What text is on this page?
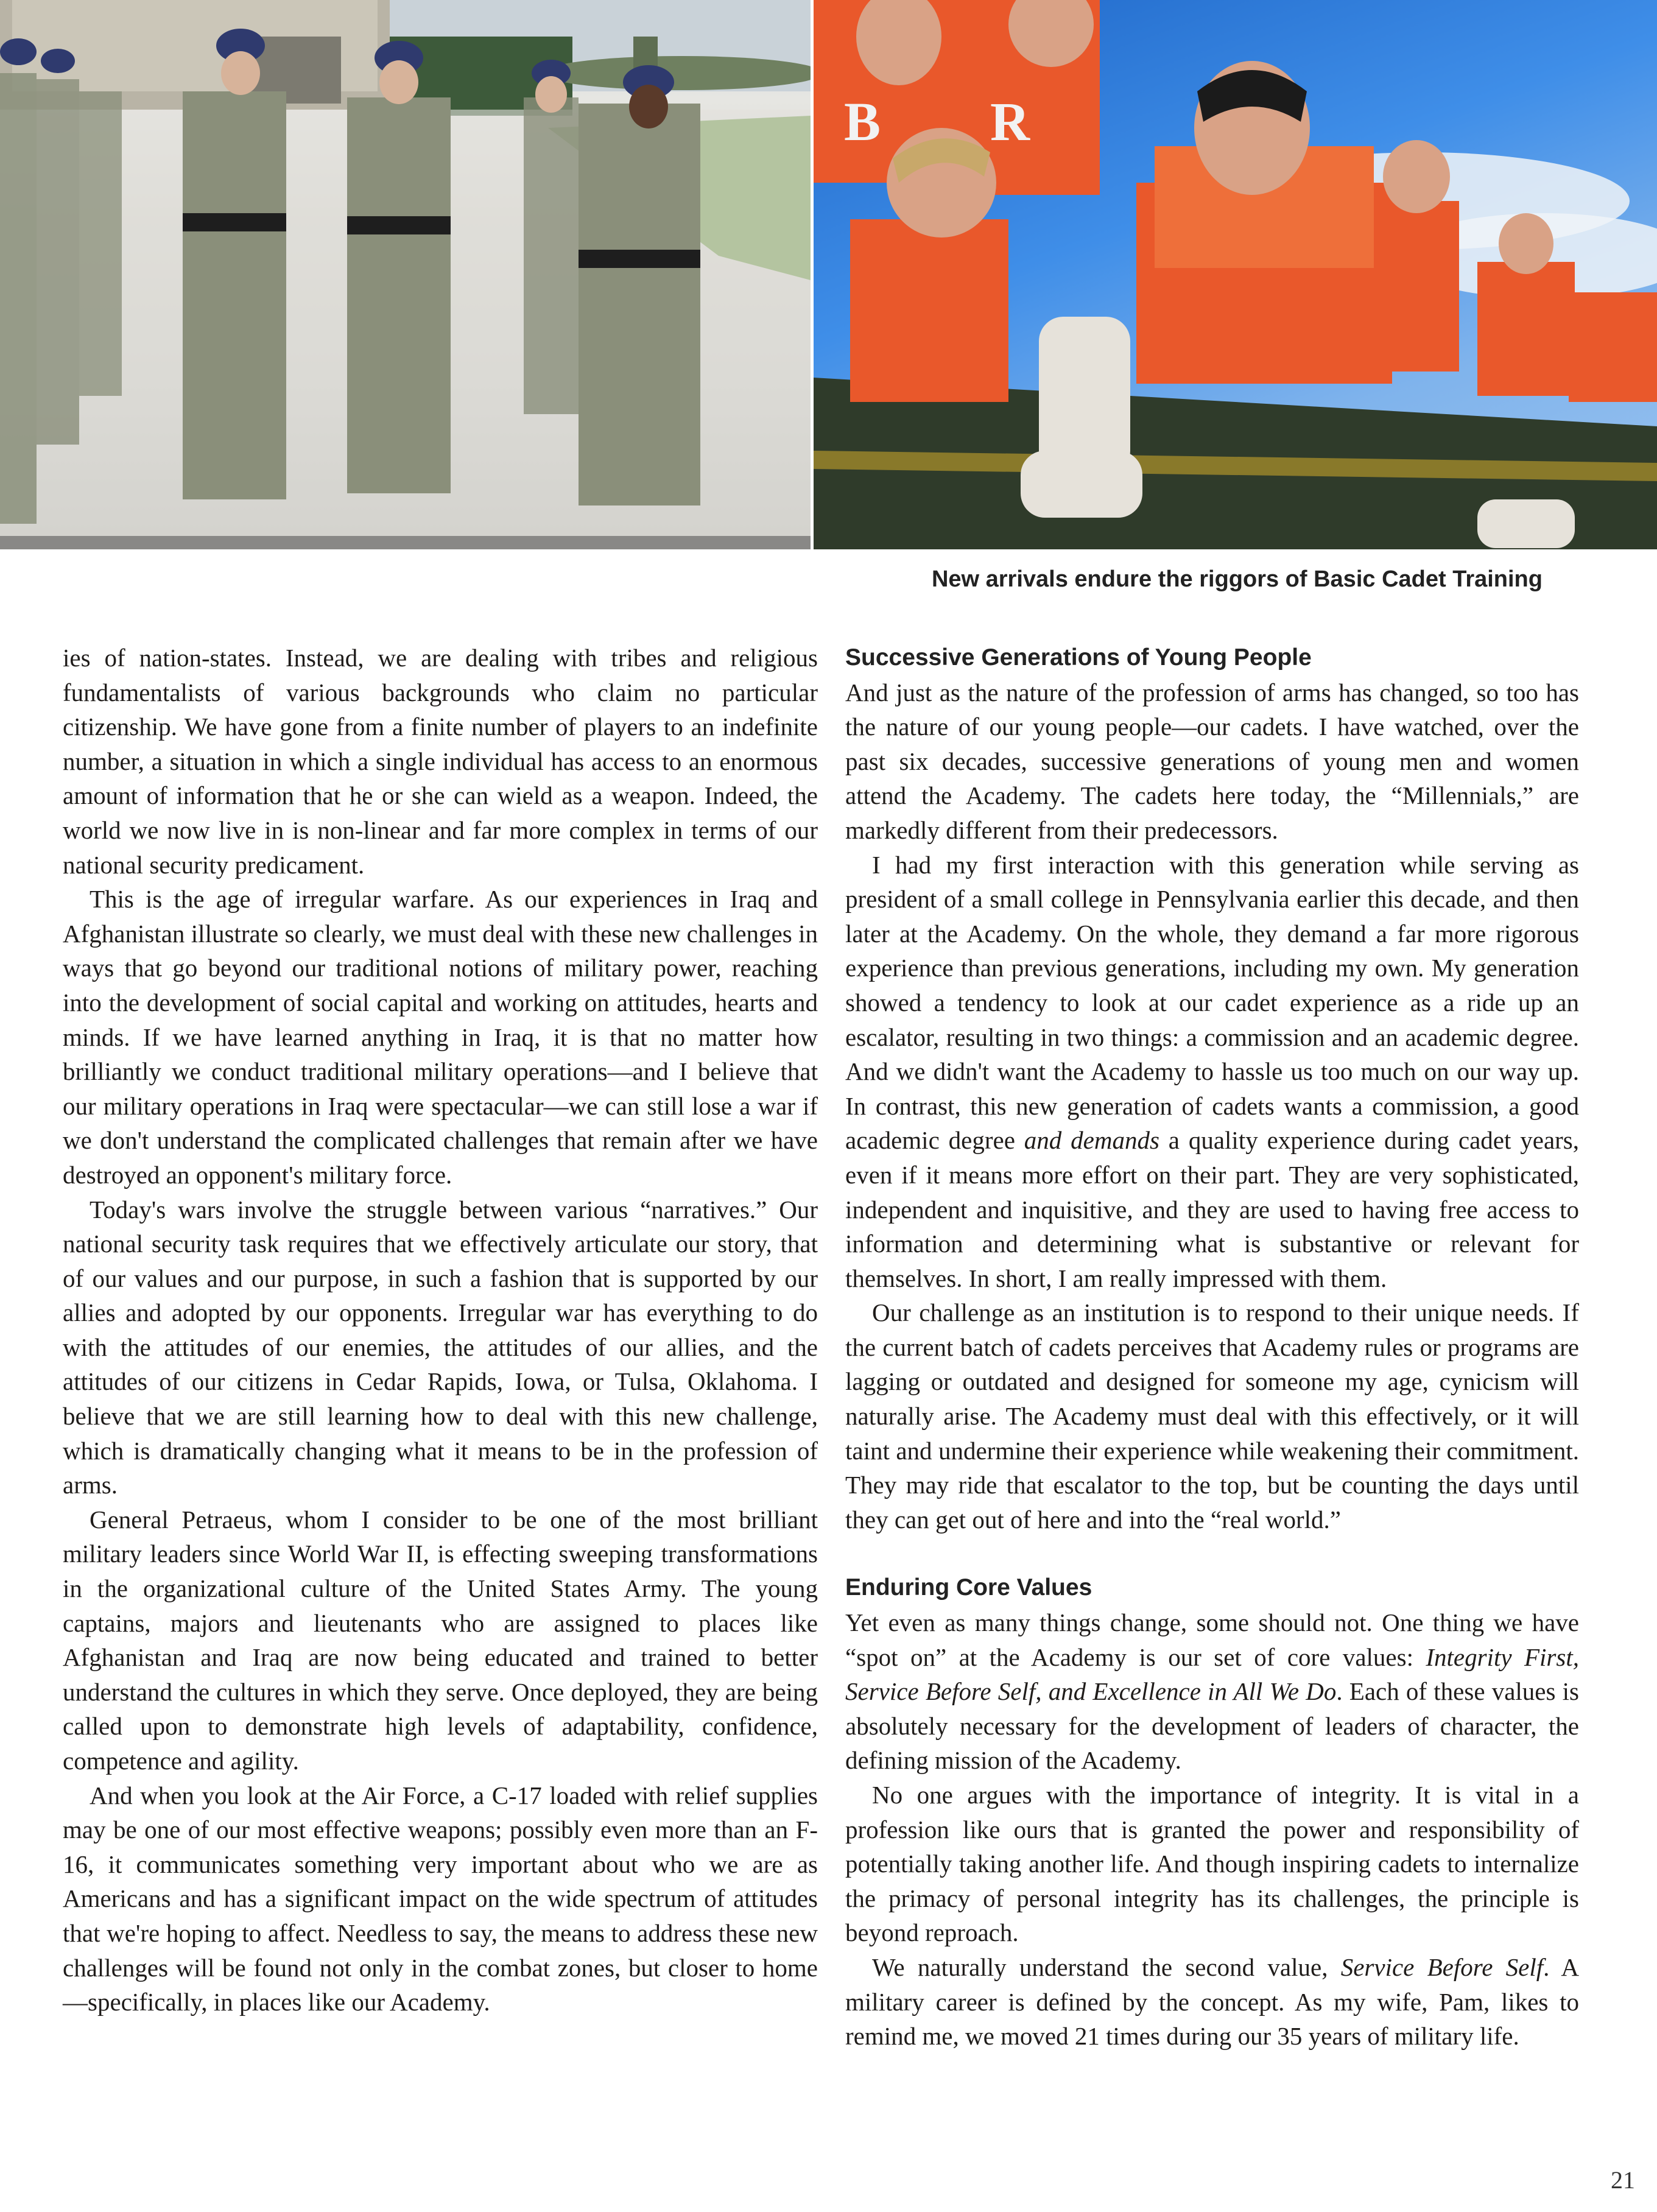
B R
New arrivals endure the riggors of Basic Cadet Training

ies of nation-states. Instead, we are dealing with tribes and religious fundamentalists of various backgrounds who claim no particular citizenship. We have gone from a finite number of players to an indefinite number, a situation in which a single individual has access to an enormous amount of information that he or she can wield as a weapon. Indeed, the world we now live in is non-linear and far more complex in terms of our national security predicament.

This is the age of irregular warfare. As our experiences in Iraq and Afghanistan illustrate so clearly, we must deal with these new challenges in ways that go beyond our traditional notions of military power, reaching into the development of social capital and working on attitudes, hearts and minds. If we have learned anything in Iraq, it is that no matter how brilliantly we conduct traditional military operations—and I believe that our military operations in Iraq were spectacular—we can still lose a war if we don't understand the complicated challenges that remain after we have destroyed an opponent's military force.

Today's wars involve the struggle between various “narratives.” Our national security task requires that we effectively articulate our story, that of our values and our purpose, in such a fashion that is supported by our allies and adopted by our opponents. Irregular war has everything to do with the attitudes of our enemies, the attitudes of our allies, and the attitudes of our citizens in Cedar Rapids, Iowa, or Tulsa, Oklahoma. I believe that we are still learning how to deal with this new challenge, which is dramatically changing what it means to be in the profession of arms.

General Petraeus, whom I consider to be one of the most brilliant military leaders since World War II, is effecting sweeping transformations in the organizational culture of the United States Army. The young captains, majors and lieutenants who are assigned to places like Afghanistan and Iraq are now being educated and trained to better understand the cultures in which they serve. Once deployed, they are being called upon to demonstrate high levels of adaptability, confidence, competence and agility.

And when you look at the Air Force, a C-17 loaded with relief supplies may be one of our most effective weapons; possibly even more than an F-16, it communicates something very important about who we are as Americans and has a significant impact on the wide spectrum of attitudes that we're hoping to affect. Needless to say, the means to address these new challenges will be found not only in the combat zones, but closer to home—specifically, in places like our Academy.

Successive Generations of Young People

And just as the nature of the profession of arms has changed, so too has the nature of our young people—our cadets. I have watched, over the past six decades, successive generations of young men and women attend the Academy. The cadets here today, the “Millennials,” are markedly different from their predecessors.

I had my first interaction with this generation while serving as president of a small college in Pennsylvania earlier this decade, and then later at the Academy. On the whole, they demand a far more rigorous experience than previous generations, including my own. My generation showed a tendency to look at our cadet experience as a ride up an escalator, resulting in two things: a commission and an academic degree. And we didn't want the Academy to hassle us too much on our way up. In contrast, this new generation of cadets wants a commission, a good academic degree and demands a quality experience during cadet years, even if it means more effort on their part. They are very sophisticated, independent and inquisitive, and they are used to having free access to information and determining what is substantive or relevant for themselves. In short, I am really impressed with them.

Our challenge as an institution is to respond to their unique needs. If the current batch of cadets perceives that Academy rules or programs are lagging or outdated and designed for someone my age, cynicism will naturally arise. The Academy must deal with this effectively, or it will taint and undermine their experience while weakening their commitment. They may ride that escalator to the top, but be counting the days until they can get out of here and into the “real world.”

Enduring Core Values

Yet even as many things change, some should not. One thing we have “spot on” at the Academy is our set of core values: Integrity First, Service Before Self, and Excellence in All We Do. Each of these values is absolutely necessary for the development of leaders of character, the defining mission of the Academy.

No one argues with the importance of integrity. It is vital in a profession like ours that is granted the power and responsibility of potentially taking another life. And though inspiring cadets to internalize the primacy of personal integrity has its challenges, the principle is beyond reproach.

We naturally understand the second value, Service Before Self. A military career is defined by the concept. As my wife, Pam, likes to remind me, we moved 21 times during our 35 years of military life.

21
